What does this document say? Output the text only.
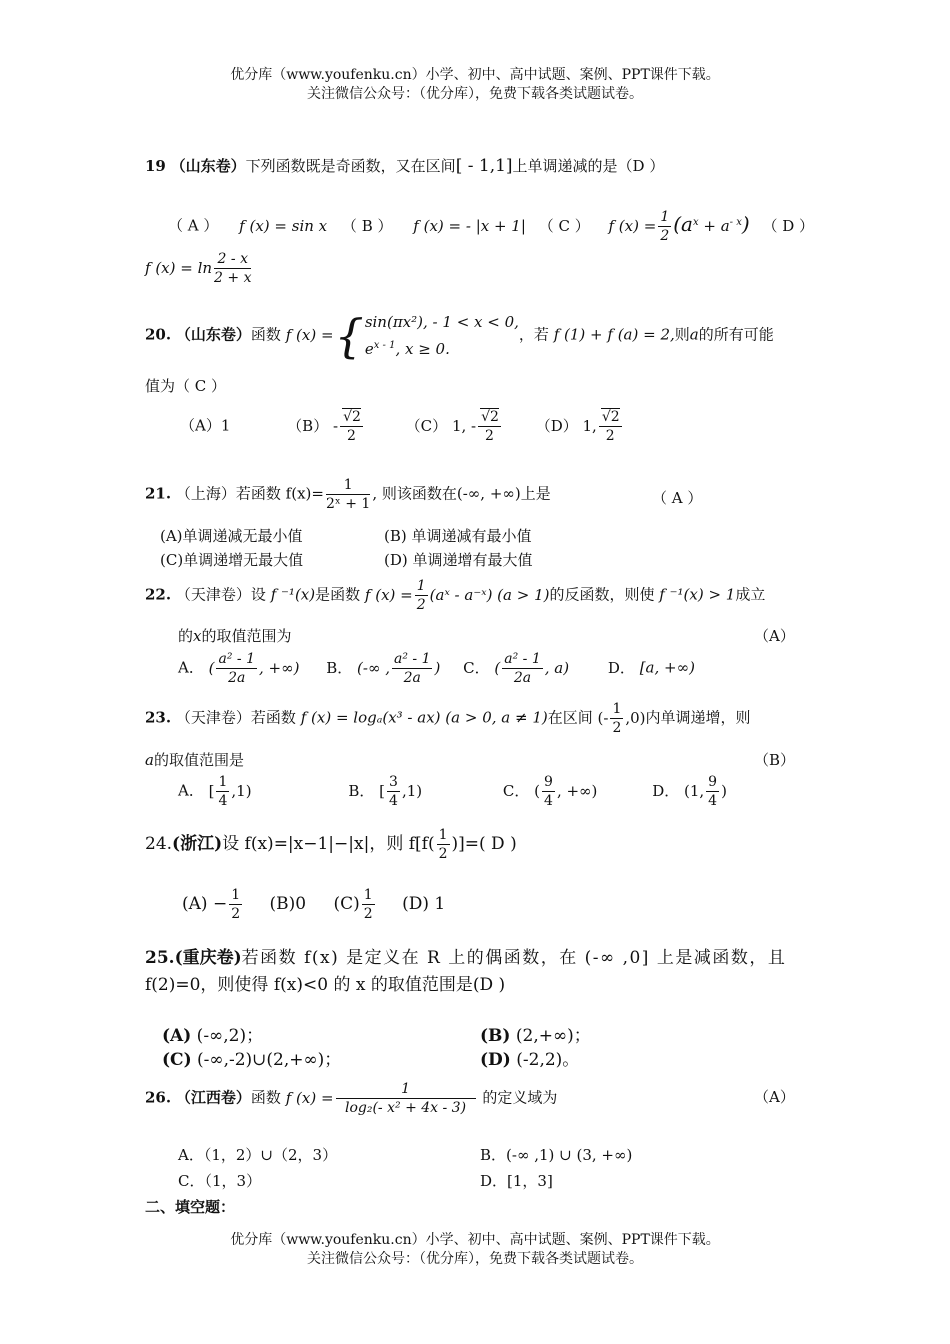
优分库（www.youfenku.cn）小学、初中、高中试题、案例、PPT课件下载。
关注微信公众号：（优分库），免费下载各类试题试卷。
19 （山东卷）下列函数既是奇函数，又在区间[ - 1,1]上单调递减的是（D ）
（ A ） f (x) = sin x （ B ） f (x) = - |x + 1| （ C ） f $(x) = \frac{1}{2} (a^x + a^{- x})$ （ D ）
f $(x) = \ln \frac{2 - x}{2 + x}$
20. （山东卷）函数 f (x) ={ sin(πx²), - 1 < x < 0,
$e^{x - 1}$, x ≥ 0.
，若 f (1) + f (a) = 2,则a的所有可能
值为（ C ）
（A）1	$(B) - \frac{√2}{2}$	（C） 1, - $\frac{√2}{2} (D)$ 1, $\frac{√2}{2}$
21. （上海）若函数 $f(x)= \frac{1}{\text{2ˣ + 1}}$ , 则该函数在(-∞, +∞)上是	（ A ）
(A)单调递减无最小值	(B) 单调递减有最小值
(C)单调递增无最大值	(D) 单调递增有最大值
22. （天津卷）设 f ⁻¹(x)是函数 f $(x) = \frac{1}{2}$ (aˣ - a⁻ˣ) (a > 1)的反函数，则使 f ⁻¹(x) > 1成立
的x的取值范围为	（A）
A． ( $\frac{\text{a² - 1}}{2a}$ , +∞) B． (-∞ , $\frac{\text{a² - 1}}{2a}$ ) C． ( $\frac{\text{a² - 1}}{2a}$ , a)	D． [a, +∞)
23. （天津卷）若函数 f (x) = logₐ(x³ - ax) (a > 0, a ≠ 1)在区间 (- $\frac{1}{2} ,0$)内单调递增，则
a的取值范围是	（B）
A． [ $\frac{1}{4} ,1$)	B． [ $\frac{3}{4} ,1$)	C． ( $\frac{9}{4}$ , +∞)	D． (1, $\frac{9}{4}$ )
24.(浙江)设 f(x)=|x−1|−|x|，则 $f[f( \frac{1}{2}$ )]=( D )
$(A) - \frac{1}{2} (B)0$ $(C) \frac{1}{2} (D)$ 1
25.(重庆卷)若函数 f(x) 是定义在 R 上的偶函数，在 (-∞ ,0] 上是减函数，且
f(2)=0，则使得 f(x)<0 的 x 的取值范围是(D )
(A) (-∞,2)；	(B) (2,+∞)；
(C) (-∞,-2)∪(2,+∞)；	(D) (-2,2)。
26. （江西卷）函数 f $(x) = \frac{1}{\text{log₂(- x² + 4x - 3)}}$ 的定义域为	（A）
A．（1，2）∪（2，3）	B．(-∞ ,1) ∪ (3, +∞)
C．（1，3）	D．[1，3]
二、填空题：
优分库（www.youfenku.cn）小学、初中、高中试题、案例、PPT课件下载。
关注微信公众号：（优分库），免费下载各类试题试卷。
